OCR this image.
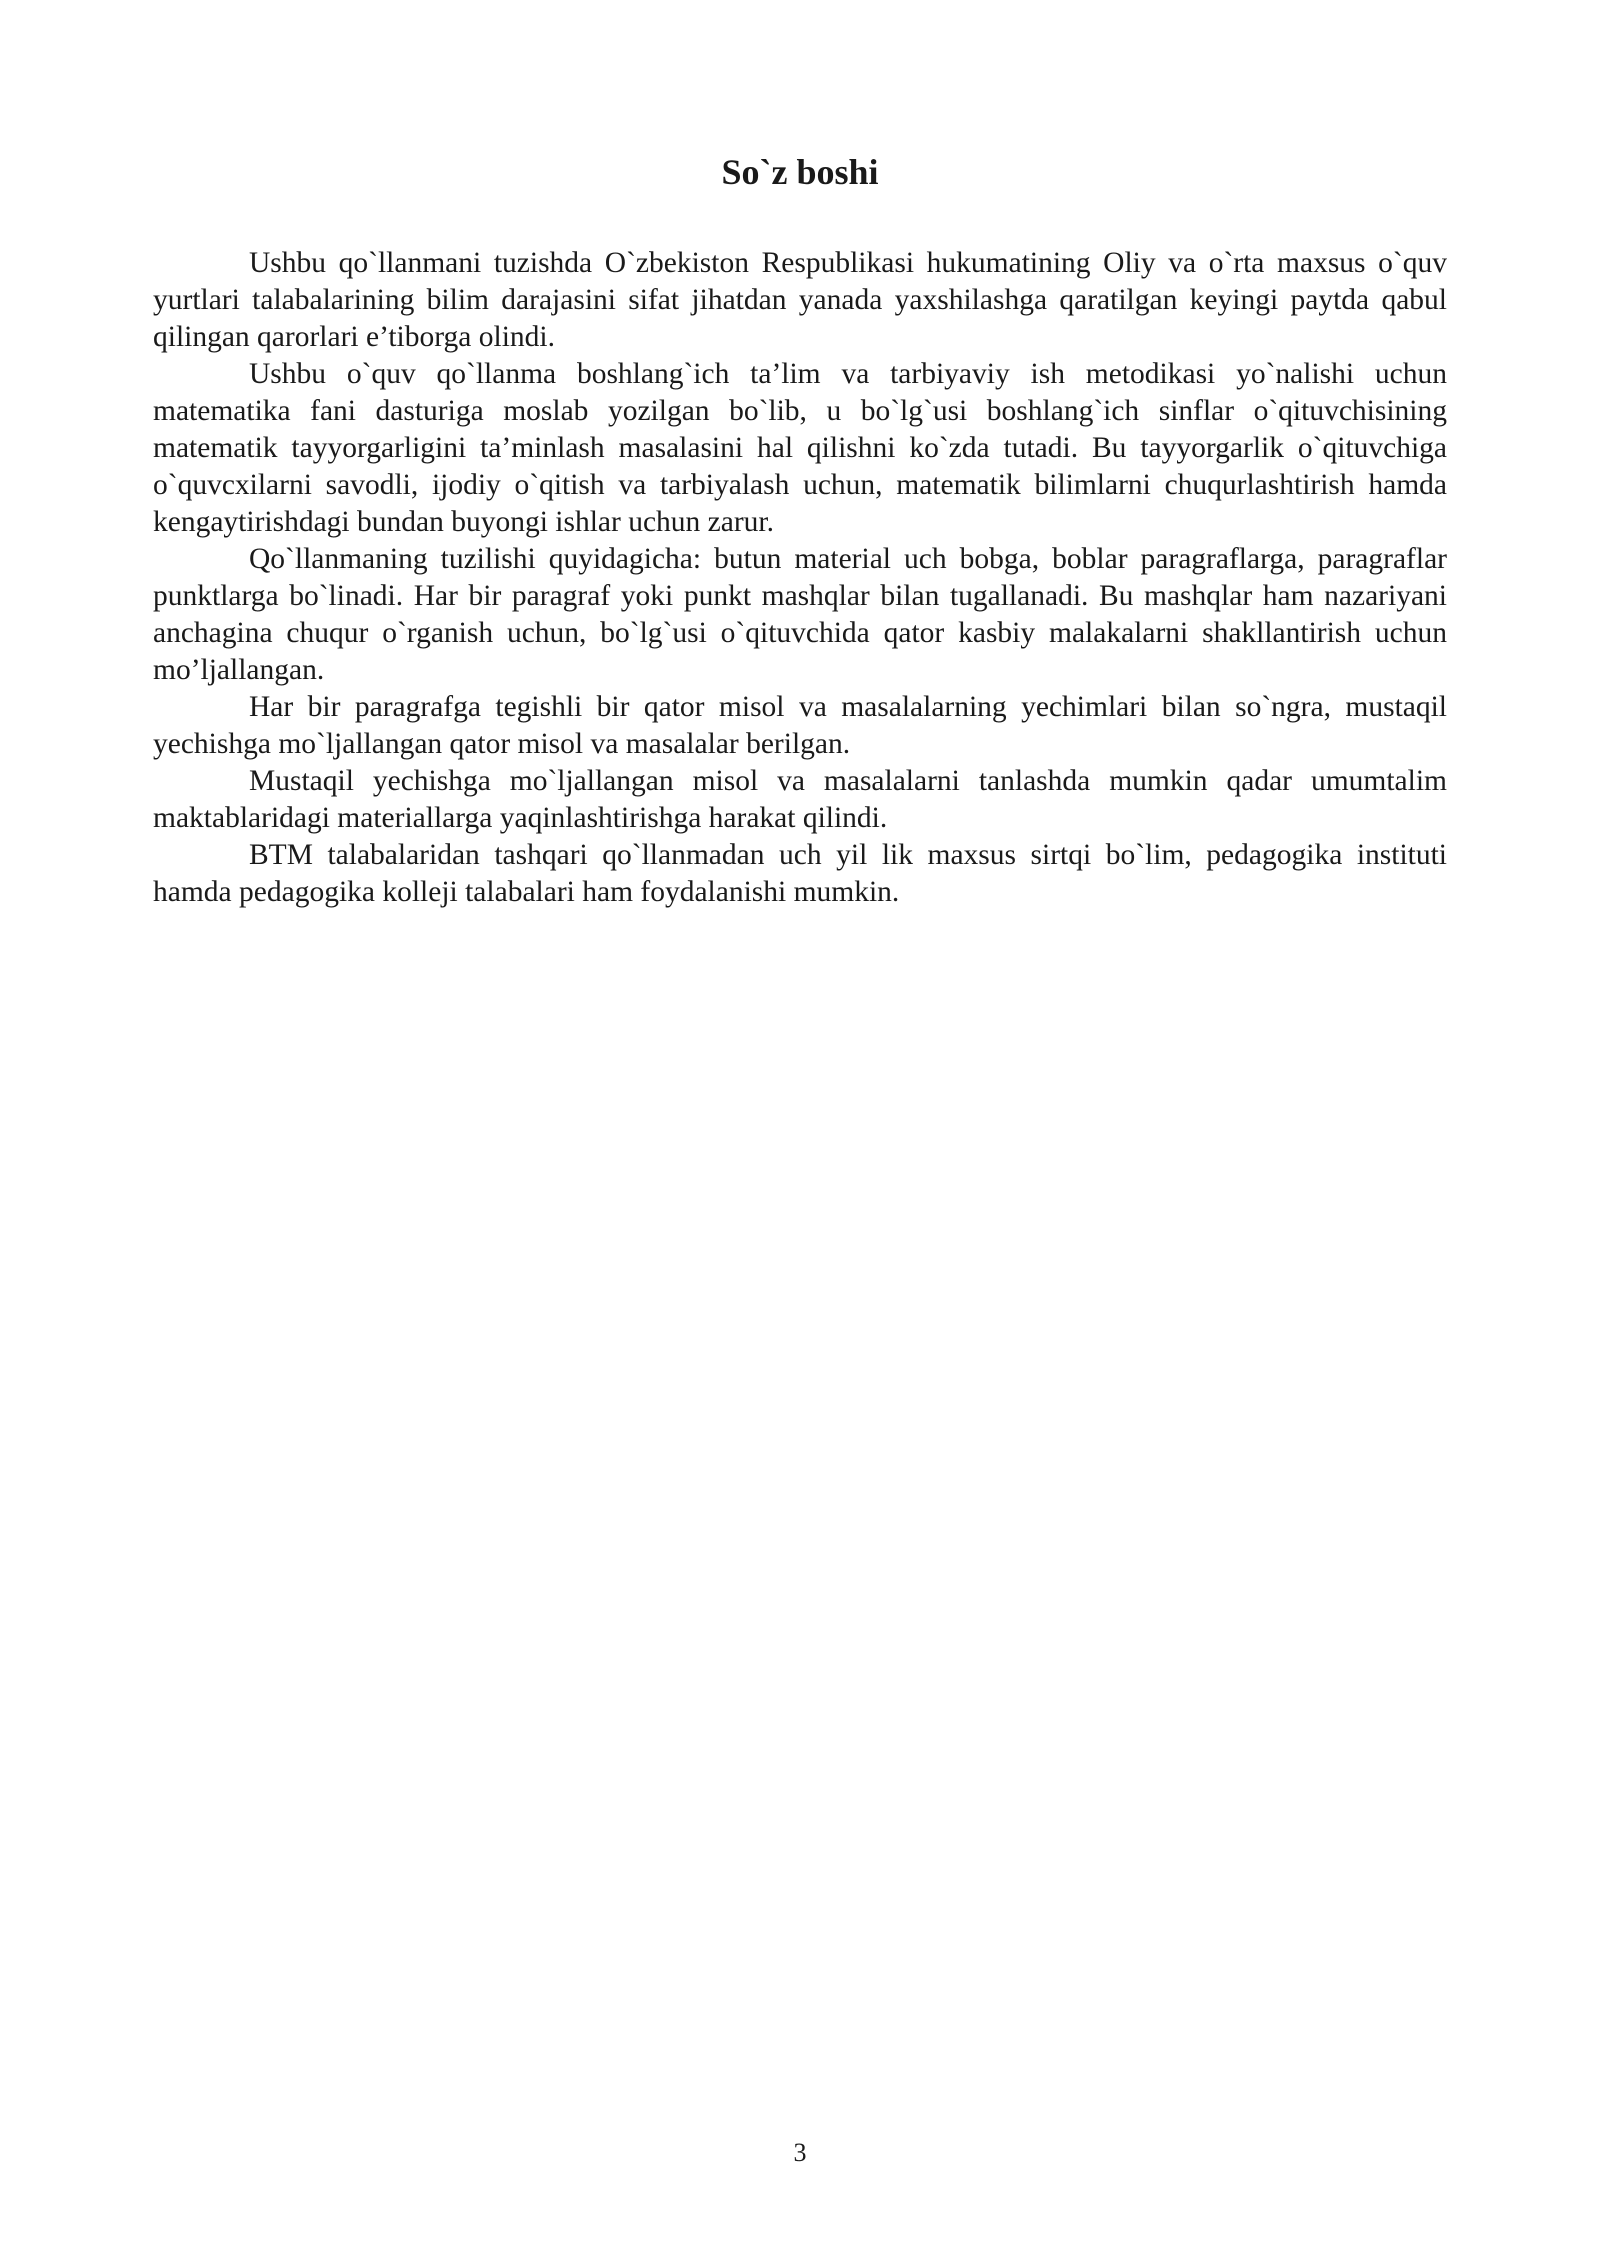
So`z boshi

Ushbu qo`llanmani tuzishda O`zbekiston Respublikasi hukumatining Oliy va o`rta maxsus o`quv yurtlari talabalarining bilim darajasini sifat jihatdan yanada yaxshilashga qaratilgan keyingi paytda qabul qilingan qarorlari e’tiborga olindi.

Ushbu o`quv qo`llanma boshlang`ich ta’lim va tarbiyaviy ish metodikasi yo`nalishi uchun matematika fani dasturiga moslab yozilgan bo`lib, u bo`lg`usi boshlang`ich sinflar o`qituvchisining matematik tayyorgarligini ta’minlash masalasini hal qilishni ko`zda tutadi. Bu tayyorgarlik o`qituvchiga o`quvcxilarni savodli, ijodiy o`qitish va tarbiyalash uchun, matematik bilimlarni chuqurlashtirish hamda kengaytirishdagi bundan buyongi ishlar uchun zarur.

Qo`llanmaning tuzilishi quyidagicha: butun material uch bobga, boblar paragraflarga, paragraflar punktlarga bo`linadi. Har bir paragraf yoki punkt mashqlar bilan tugallanadi. Bu mashqlar ham nazariyani anchagina chuqur o`rganish uchun, bo`lg`usi o`qituvchida qator kasbiy malakalarni shakllantirish uchun mo’ljallangan.

Har bir paragrafga tegishli bir qator misol va masalalarning yechimlari bilan so`ngra, mustaqil yechishga mo`ljallangan qator misol va masalalar berilgan.

Mustaqil yechishga mo`ljallangan misol va masalalarni tanlashda mumkin qadar umumtalim maktablaridagi materiallarga yaqinlashtirishga harakat qilindi.

BTM talabalaridan tashqari qo`llanmadan uch yil lik maxsus sirtqi bo`lim, pedagogika instituti hamda pedagogika kolleji talabalari ham foydalanishi mumkin.

3
